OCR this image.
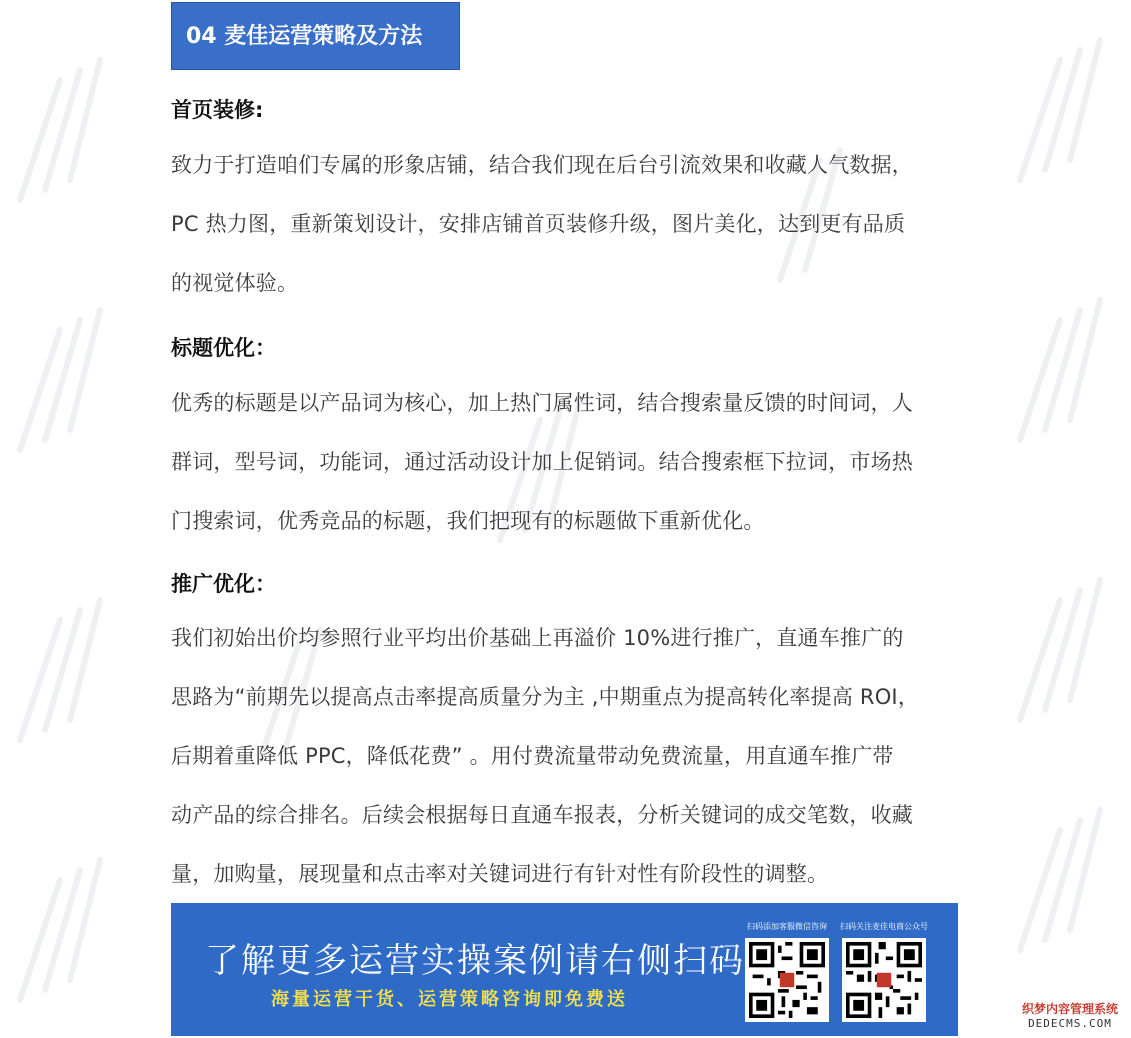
04 麦佳运营策略及方法
首页装修:
致力于打造咱们专属的形象店铺，结合我们现在后台引流效果和收藏人气数据，
PC 热力图，重新策划设计，安排店铺首页装修升级，图片美化，达到更有品质
的视觉体验。
标题优化：
优秀的标题是以产品词为核心，加上热门属性词，结合搜索量反馈的时间词，人
群词，型号词，功能词，通过活动设计加上促销词。结合搜索框下拉词，市场热
门搜索词，优秀竞品的标题，我们把现有的标题做下重新优化。
推广优化：
我们初始出价均参照行业平均出价基础上再溢价 10%进行推广，直通车推广的
思路为“前期先以提高点击率提高质量分为主 ,中期重点为提高转化率提高 ROI，
后期着重降低 PPC，降低花费” 。用付费流量带动免费流量，用直通车推广带
动产品的综合排名。后续会根据每日直通车报表，分析关键词的成交笔数，收藏
量，加购量，展现量和点击率对关键词进行有针对性有阶段性的调整。
了解更多运营实操案例请右侧扫码
海量运营干货、运营策略咨询即免费送
扫码添加客服微信咨询	扫码关注麦佳电商公众号
织梦内容管理系统
DEDECMS.COM
